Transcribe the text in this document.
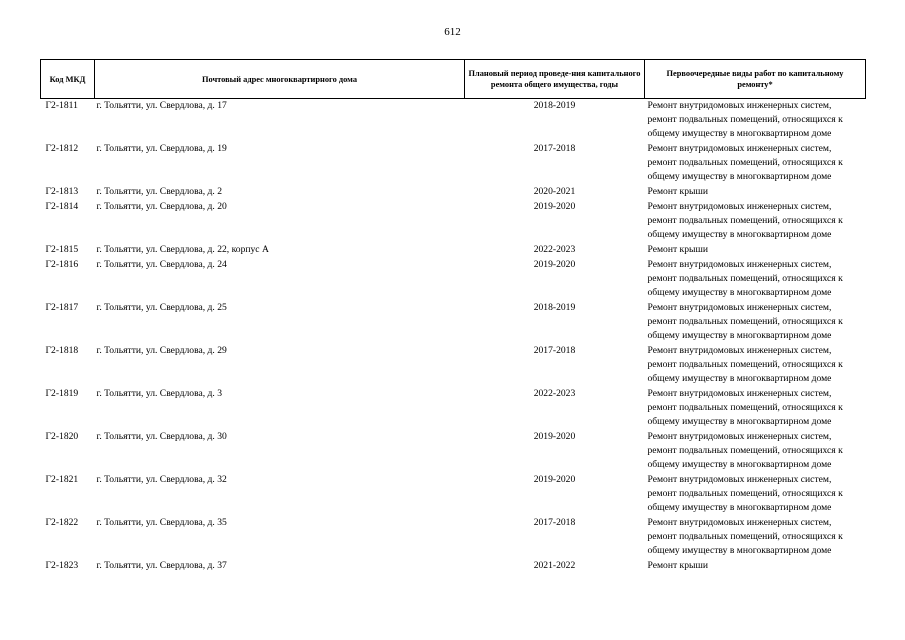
612
Код МКД	Почтовый адрес многоквартирного дома	Плановый период проведе-ния капитального ремонта общего имущества, годы	Первоочередные виды работ по капитальному ремонту*
Г2-1811	г. Тольятти, ул. Свердлова, д. 17	2018-2019	Ремонт внутридомовых инженерных систем,
ремонт подвальных помещений, относящихся к
общему имуществу в многоквартирном доме

Г2-1812	г. Тольятти, ул. Свердлова, д. 19	2017-2018	Ремонт внутридомовых инженерных систем,
ремонт подвальных помещений, относящихся к
общему имуществу в многоквартирном доме

Г2-1813	г. Тольятти, ул. Свердлова, д. 2	2020-2021	Ремонт крыши

Г2-1814	г. Тольятти, ул. Свердлова, д. 20	2019-2020	Ремонт внутридомовых инженерных систем,
ремонт подвальных помещений, относящихся к
общему имуществу в многоквартирном доме

Г2-1815	г. Тольятти, ул. Свердлова, д. 22, корпус А	2022-2023	Ремонт крыши

Г2-1816	г. Тольятти, ул. Свердлова, д. 24	2019-2020	Ремонт внутридомовых инженерных систем,
ремонт подвальных помещений, относящихся к
общему имуществу в многоквартирном доме

Г2-1817	г. Тольятти, ул. Свердлова, д. 25	2018-2019	Ремонт внутридомовых инженерных систем,
ремонт подвальных помещений, относящихся к
общему имуществу в многоквартирном доме

Г2-1818	г. Тольятти, ул. Свердлова, д. 29	2017-2018	Ремонт внутридомовых инженерных систем,
ремонт подвальных помещений, относящихся к
общему имуществу в многоквартирном доме

Г2-1819	г. Тольятти, ул. Свердлова, д. 3	2022-2023	Ремонт внутридомовых инженерных систем,
ремонт подвальных помещений, относящихся к
общему имуществу в многоквартирном доме

Г2-1820	г. Тольятти, ул. Свердлова, д. 30	2019-2020	Ремонт внутридомовых инженерных систем,
ремонт подвальных помещений, относящихся к
общему имуществу в многоквартирном доме

Г2-1821	г. Тольятти, ул. Свердлова, д. 32	2019-2020	Ремонт внутридомовых инженерных систем,
ремонт подвальных помещений, относящихся к
общему имуществу в многоквартирном доме

Г2-1822	г. Тольятти, ул. Свердлова, д. 35	2017-2018	Ремонт внутридомовых инженерных систем,
ремонт подвальных помещений, относящихся к
общему имуществу в многоквартирном доме

Г2-1823	г. Тольятти, ул. Свердлова, д. 37	2021-2022	Ремонт крыши
